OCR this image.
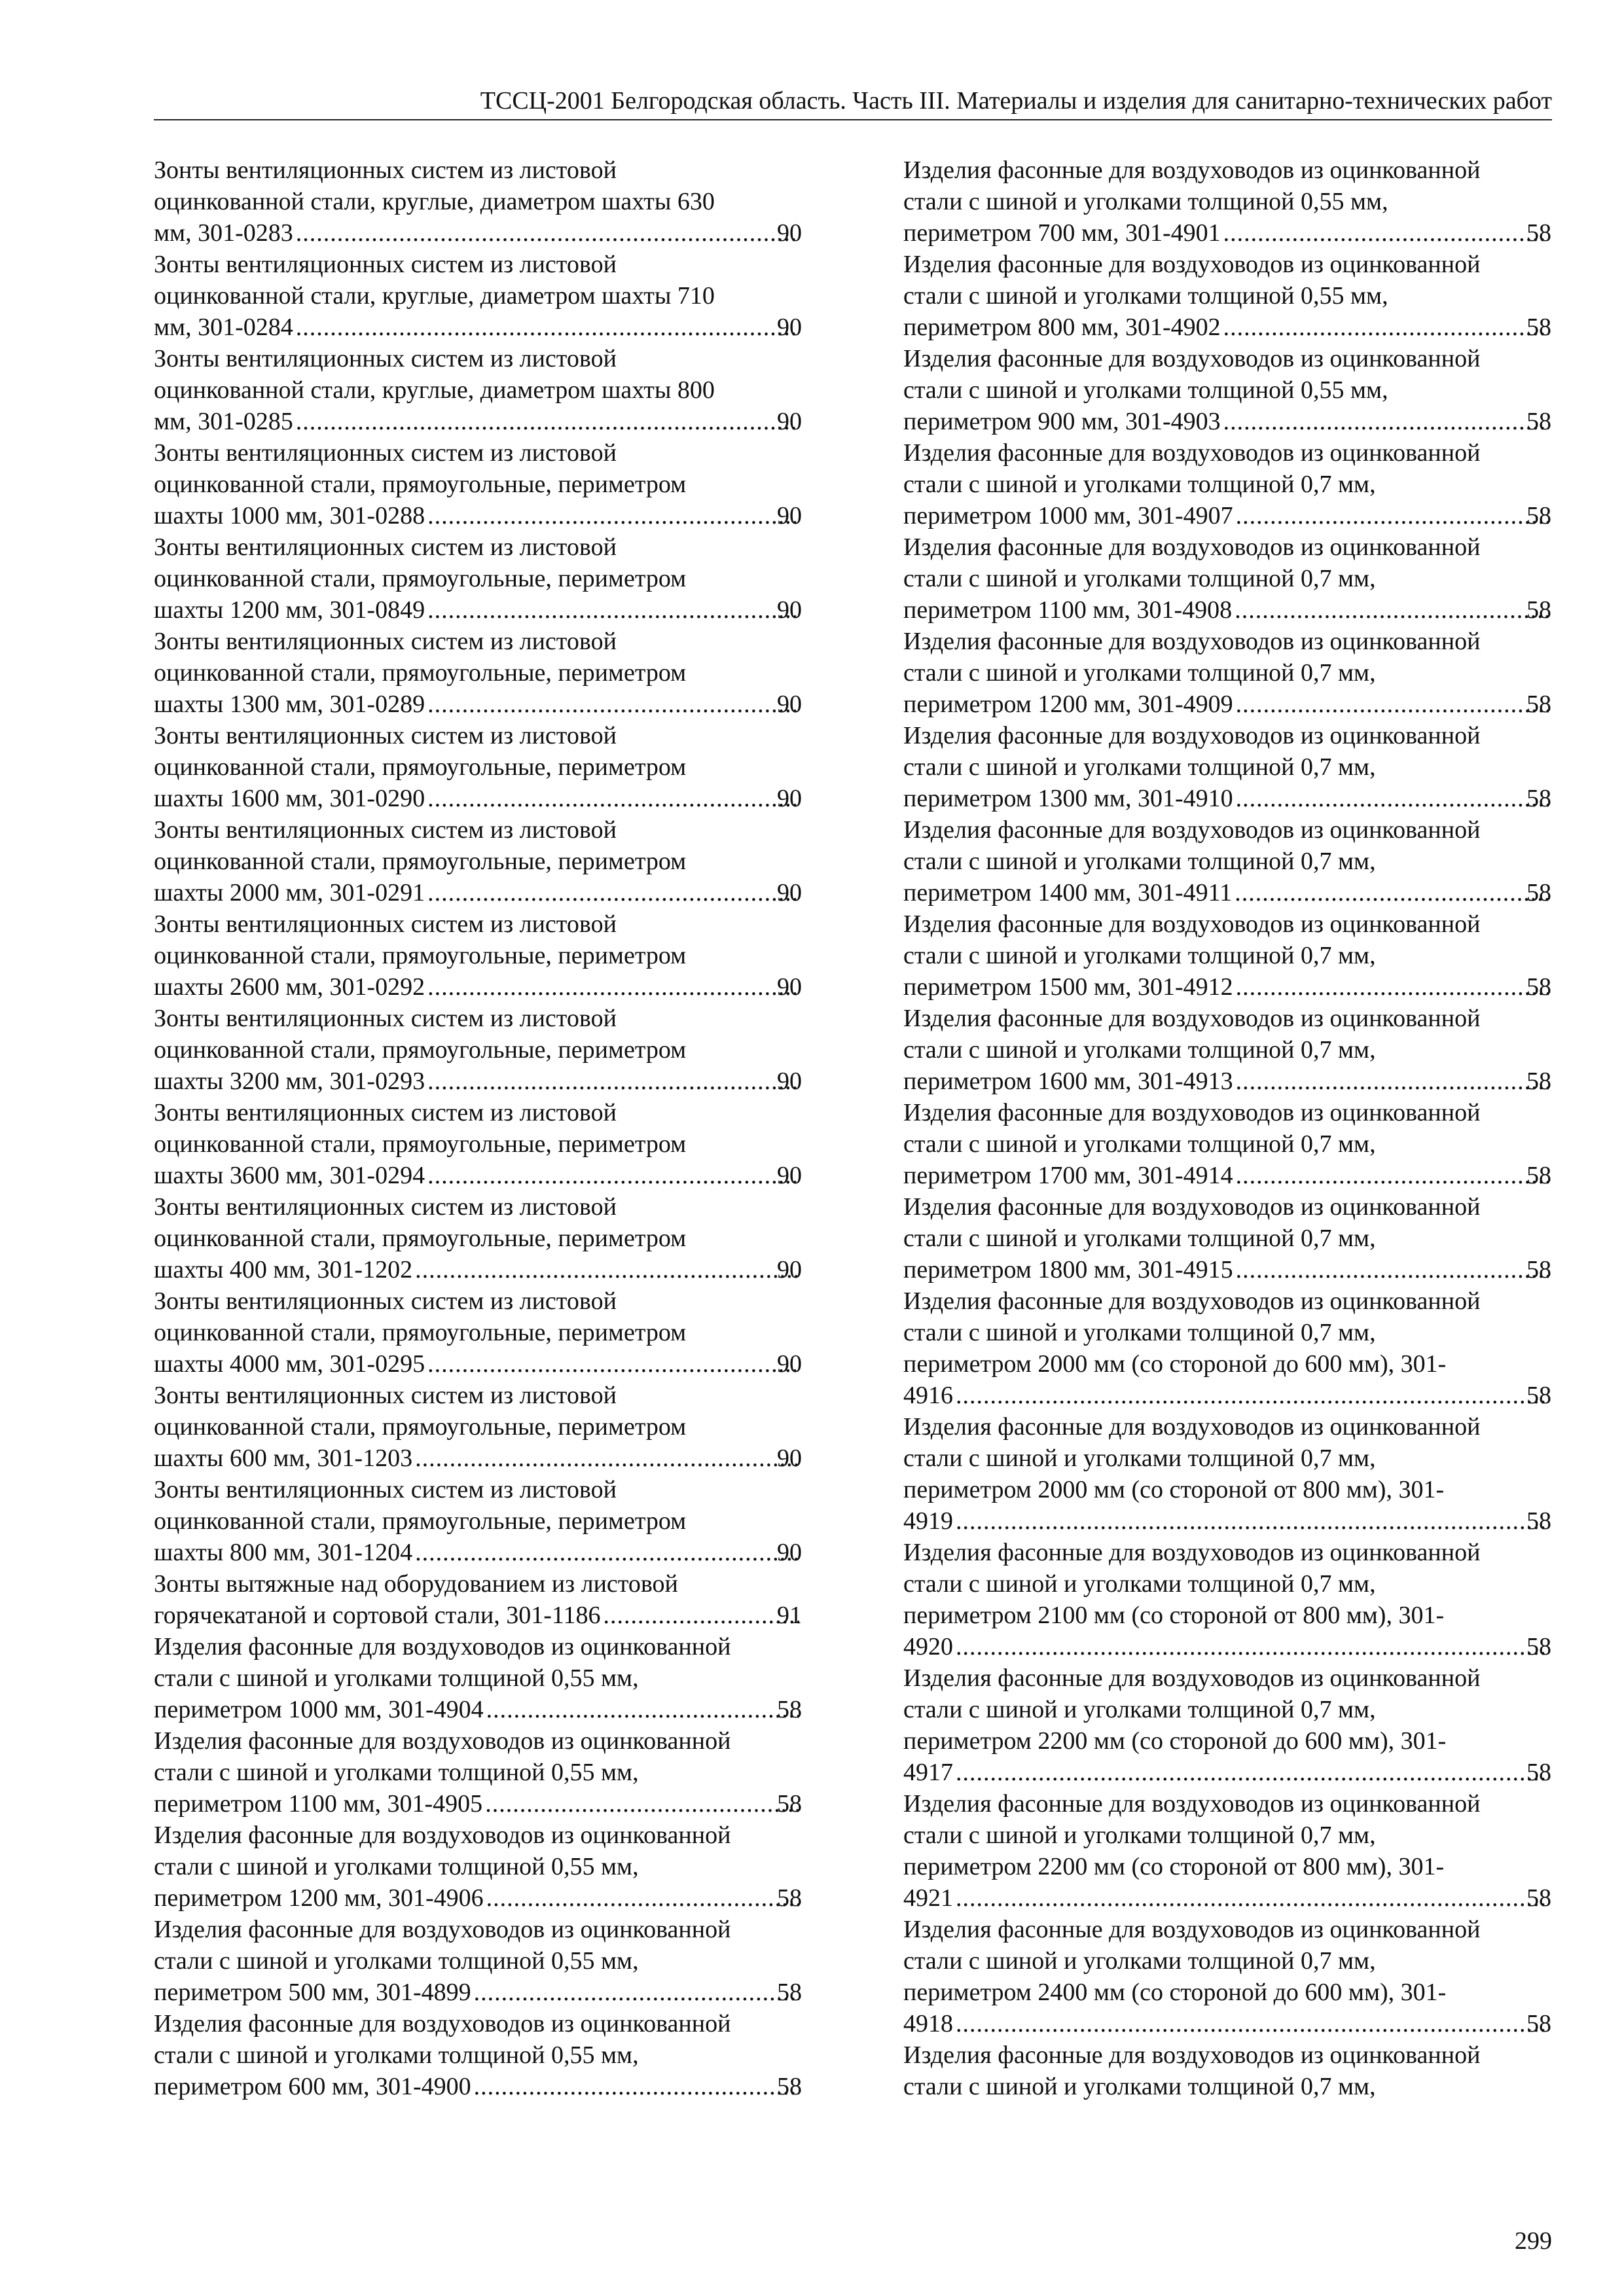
ТССЦ-2001 Белгородская область. Часть III. Материалы и изделия для санитарно-технических работ
Зонты вентиляционных систем из листовой
оцинкованной стали, круглые, диаметром шахты 630
мм, 301-0283 .....	90
Зонты вентиляционных систем из листовой
оцинкованной стали, круглые, диаметром шахты 710
мм, 301-0284 .....	90
Зонты вентиляционных систем из листовой
оцинкованной стали, круглые, диаметром шахты 800
мм, 301-0285 .....	90
Зонты вентиляционных систем из листовой
оцинкованной стали, прямоугольные, периметром
шахты 1000 мм, 301-0288 .....	90
Зонты вентиляционных систем из листовой
оцинкованной стали, прямоугольные, периметром
шахты 1200 мм, 301-0849 .....	90
Зонты вентиляционных систем из листовой
оцинкованной стали, прямоугольные, периметром
шахты 1300 мм, 301-0289 .....	90
Зонты вентиляционных систем из листовой
оцинкованной стали, прямоугольные, периметром
шахты 1600 мм, 301-0290 .....	90
Зонты вентиляционных систем из листовой
оцинкованной стали, прямоугольные, периметром
шахты 2000 мм, 301-0291 .....	90
Зонты вентиляционных систем из листовой
оцинкованной стали, прямоугольные, периметром
шахты 2600 мм, 301-0292 .....	90
Зонты вентиляционных систем из листовой
оцинкованной стали, прямоугольные, периметром
шахты 3200 мм, 301-0293 .....	90
Зонты вентиляционных систем из листовой
оцинкованной стали, прямоугольные, периметром
шахты 3600 мм, 301-0294 .....	90
Зонты вентиляционных систем из листовой
оцинкованной стали, прямоугольные, периметром
шахты 400 мм, 301-1202 .....	90
Зонты вентиляционных систем из листовой
оцинкованной стали, прямоугольные, периметром
шахты 4000 мм, 301-0295 .....	90
Зонты вентиляционных систем из листовой
оцинкованной стали, прямоугольные, периметром
шахты 600 мм, 301-1203 .....	90
Зонты вентиляционных систем из листовой
оцинкованной стали, прямоугольные, периметром
шахты 800 мм, 301-1204 .....	90
Зонты вытяжные над оборудованием из листовой
горячекатаной и сортовой стали, 301-1186 .....	91
Изделия фасонные для воздуховодов из оцинкованной
стали с шиной и уголками толщиной 0,55 мм,
периметром 1000 мм, 301-4904 .....	58
Изделия фасонные для воздуховодов из оцинкованной
стали с шиной и уголками толщиной 0,55 мм,
периметром 1100 мм, 301-4905 .....	58
Изделия фасонные для воздуховодов из оцинкованной
стали с шиной и уголками толщиной 0,55 мм,
периметром 1200 мм, 301-4906 .....	58
Изделия фасонные для воздуховодов из оцинкованной
стали с шиной и уголками толщиной 0,55 мм,
периметром 500 мм, 301-4899 .....	58
Изделия фасонные для воздуховодов из оцинкованной
стали с шиной и уголками толщиной 0,55 мм,
периметром 600 мм, 301-4900 .....	58
Изделия фасонные для воздуховодов из оцинкованной
стали с шиной и уголками толщиной 0,55 мм,
периметром 700 мм, 301-4901 .....	58
Изделия фасонные для воздуховодов из оцинкованной
стали с шиной и уголками толщиной 0,55 мм,
периметром 800 мм, 301-4902 .....	58
Изделия фасонные для воздуховодов из оцинкованной
стали с шиной и уголками толщиной 0,55 мм,
периметром 900 мм, 301-4903 .....	58
Изделия фасонные для воздуховодов из оцинкованной
стали с шиной и уголками толщиной 0,7 мм,
периметром 1000 мм, 301-4907 .....	58
Изделия фасонные для воздуховодов из оцинкованной
стали с шиной и уголками толщиной 0,7 мм,
периметром 1100 мм, 301-4908 .....	58
Изделия фасонные для воздуховодов из оцинкованной
стали с шиной и уголками толщиной 0,7 мм,
периметром 1200 мм, 301-4909 .....	58
Изделия фасонные для воздуховодов из оцинкованной
стали с шиной и уголками толщиной 0,7 мм,
периметром 1300 мм, 301-4910 .....	58
Изделия фасонные для воздуховодов из оцинкованной
стали с шиной и уголками толщиной 0,7 мм,
периметром 1400 мм, 301-4911 .....	58
Изделия фасонные для воздуховодов из оцинкованной
стали с шиной и уголками толщиной 0,7 мм,
периметром 1500 мм, 301-4912 .....	58
Изделия фасонные для воздуховодов из оцинкованной
стали с шиной и уголками толщиной 0,7 мм,
периметром 1600 мм, 301-4913 .....	58
Изделия фасонные для воздуховодов из оцинкованной
стали с шиной и уголками толщиной 0,7 мм,
периметром 1700 мм, 301-4914 .....	58
Изделия фасонные для воздуховодов из оцинкованной
стали с шиной и уголками толщиной 0,7 мм,
периметром 1800 мм, 301-4915 .....	58
Изделия фасонные для воздуховодов из оцинкованной
стали с шиной и уголками толщиной 0,7 мм,
периметром 2000 мм (со стороной до 600 мм), 301-
4916 .....	58
Изделия фасонные для воздуховодов из оцинкованной
стали с шиной и уголками толщиной 0,7 мм,
периметром 2000 мм (со стороной от 800 мм), 301-
4919 .....	58
Изделия фасонные для воздуховодов из оцинкованной
стали с шиной и уголками толщиной 0,7 мм,
периметром 2100 мм (со стороной от 800 мм), 301-
4920 .....	58
Изделия фасонные для воздуховодов из оцинкованной
стали с шиной и уголками толщиной 0,7 мм,
периметром 2200 мм (со стороной до 600 мм), 301-
4917 .....	58
Изделия фасонные для воздуховодов из оцинкованной
стали с шиной и уголками толщиной 0,7 мм,
периметром 2200 мм (со стороной от 800 мм), 301-
4921 .....	58
Изделия фасонные для воздуховодов из оцинкованной
стали с шиной и уголками толщиной 0,7 мм,
периметром 2400 мм (со стороной до 600 мм), 301-
4918 .....	58
Изделия фасонные для воздуховодов из оцинкованной
стали с шиной и уголками толщиной 0,7 мм,
299
